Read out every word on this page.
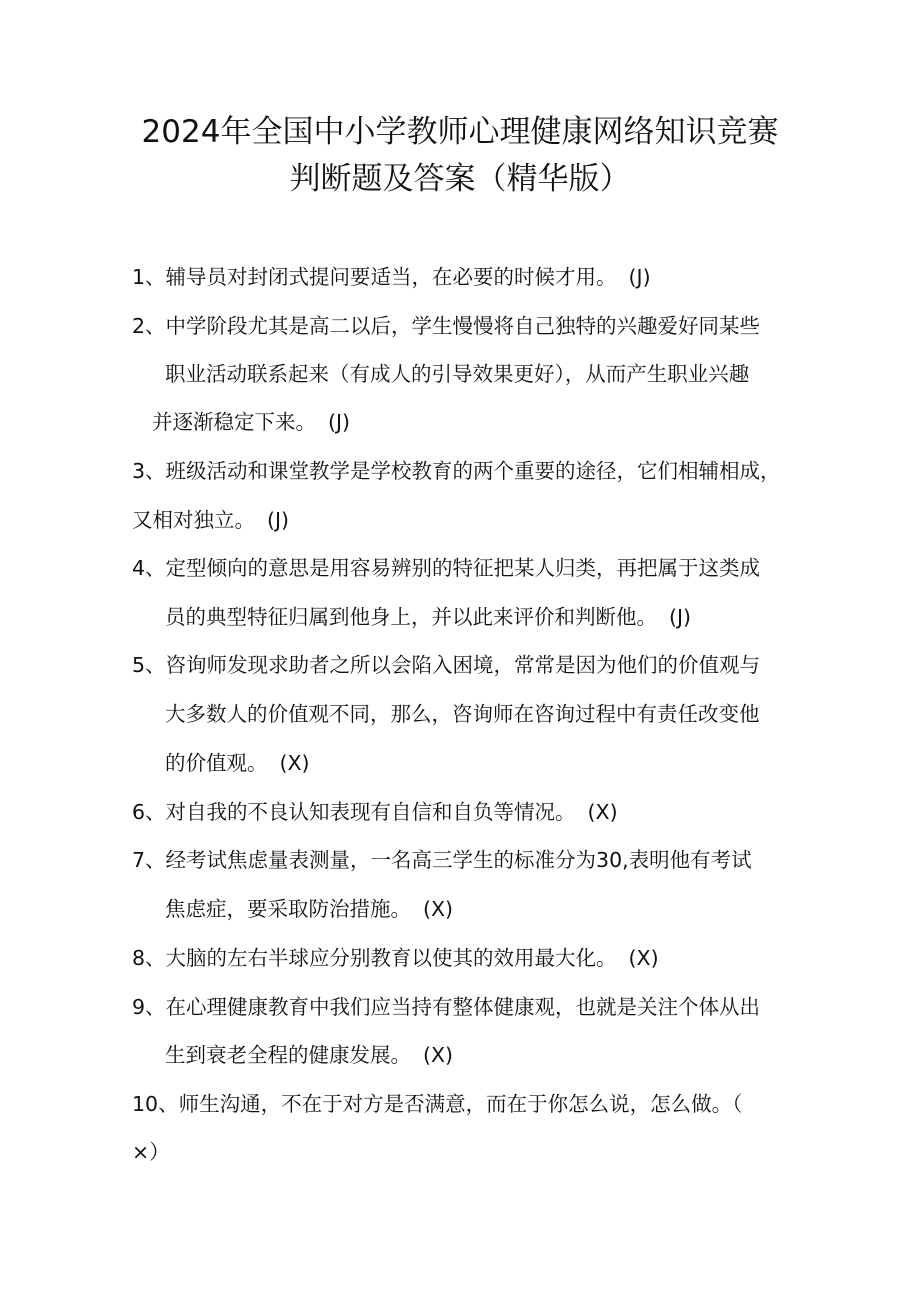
2024年全国中小学教师心理健康网络知识竞赛
判断题及答案（精华版）
1、辅导员对封闭式提问要适当，在必要的时候才用。 (J)
2、中学阶段尤其是高二以后，学生慢慢将自己独特的兴趣爱好同某些
职业活动联系起来（有成人的引导效果更好），从而产生职业兴趣
并逐渐稳定下来。 (J)
3、班级活动和课堂教学是学校教育的两个重要的途径，它们相辅相成，
又相对独立。 (J)
4、定型倾向的意思是用容易辨别的特征把某人归类，再把属于这类成
员的典型特征归属到他身上，并以此来评价和判断他。 (J)
5、咨询师发现求助者之所以会陷入困境，常常是因为他们的价值观与
大多数人的价值观不同，那么，咨询师在咨询过程中有责任改变他
的价值观。 (X)
6、对自我的不良认知表现有自信和自负等情况。 (X)
7、经考试焦虑量表测量，一名高三学生的标准分为30,表明他有考试
焦虑症，要采取防治措施。 (X)
8、大脑的左右半球应分别教育以使其的效用最大化。 (X)
9、在心理健康教育中我们应当持有整体健康观，也就是关注个体从出
生到衰老全程的健康发展。 (X)
10、师生沟通，不在于对方是否满意，而在于你怎么说，怎么做。（
×）
